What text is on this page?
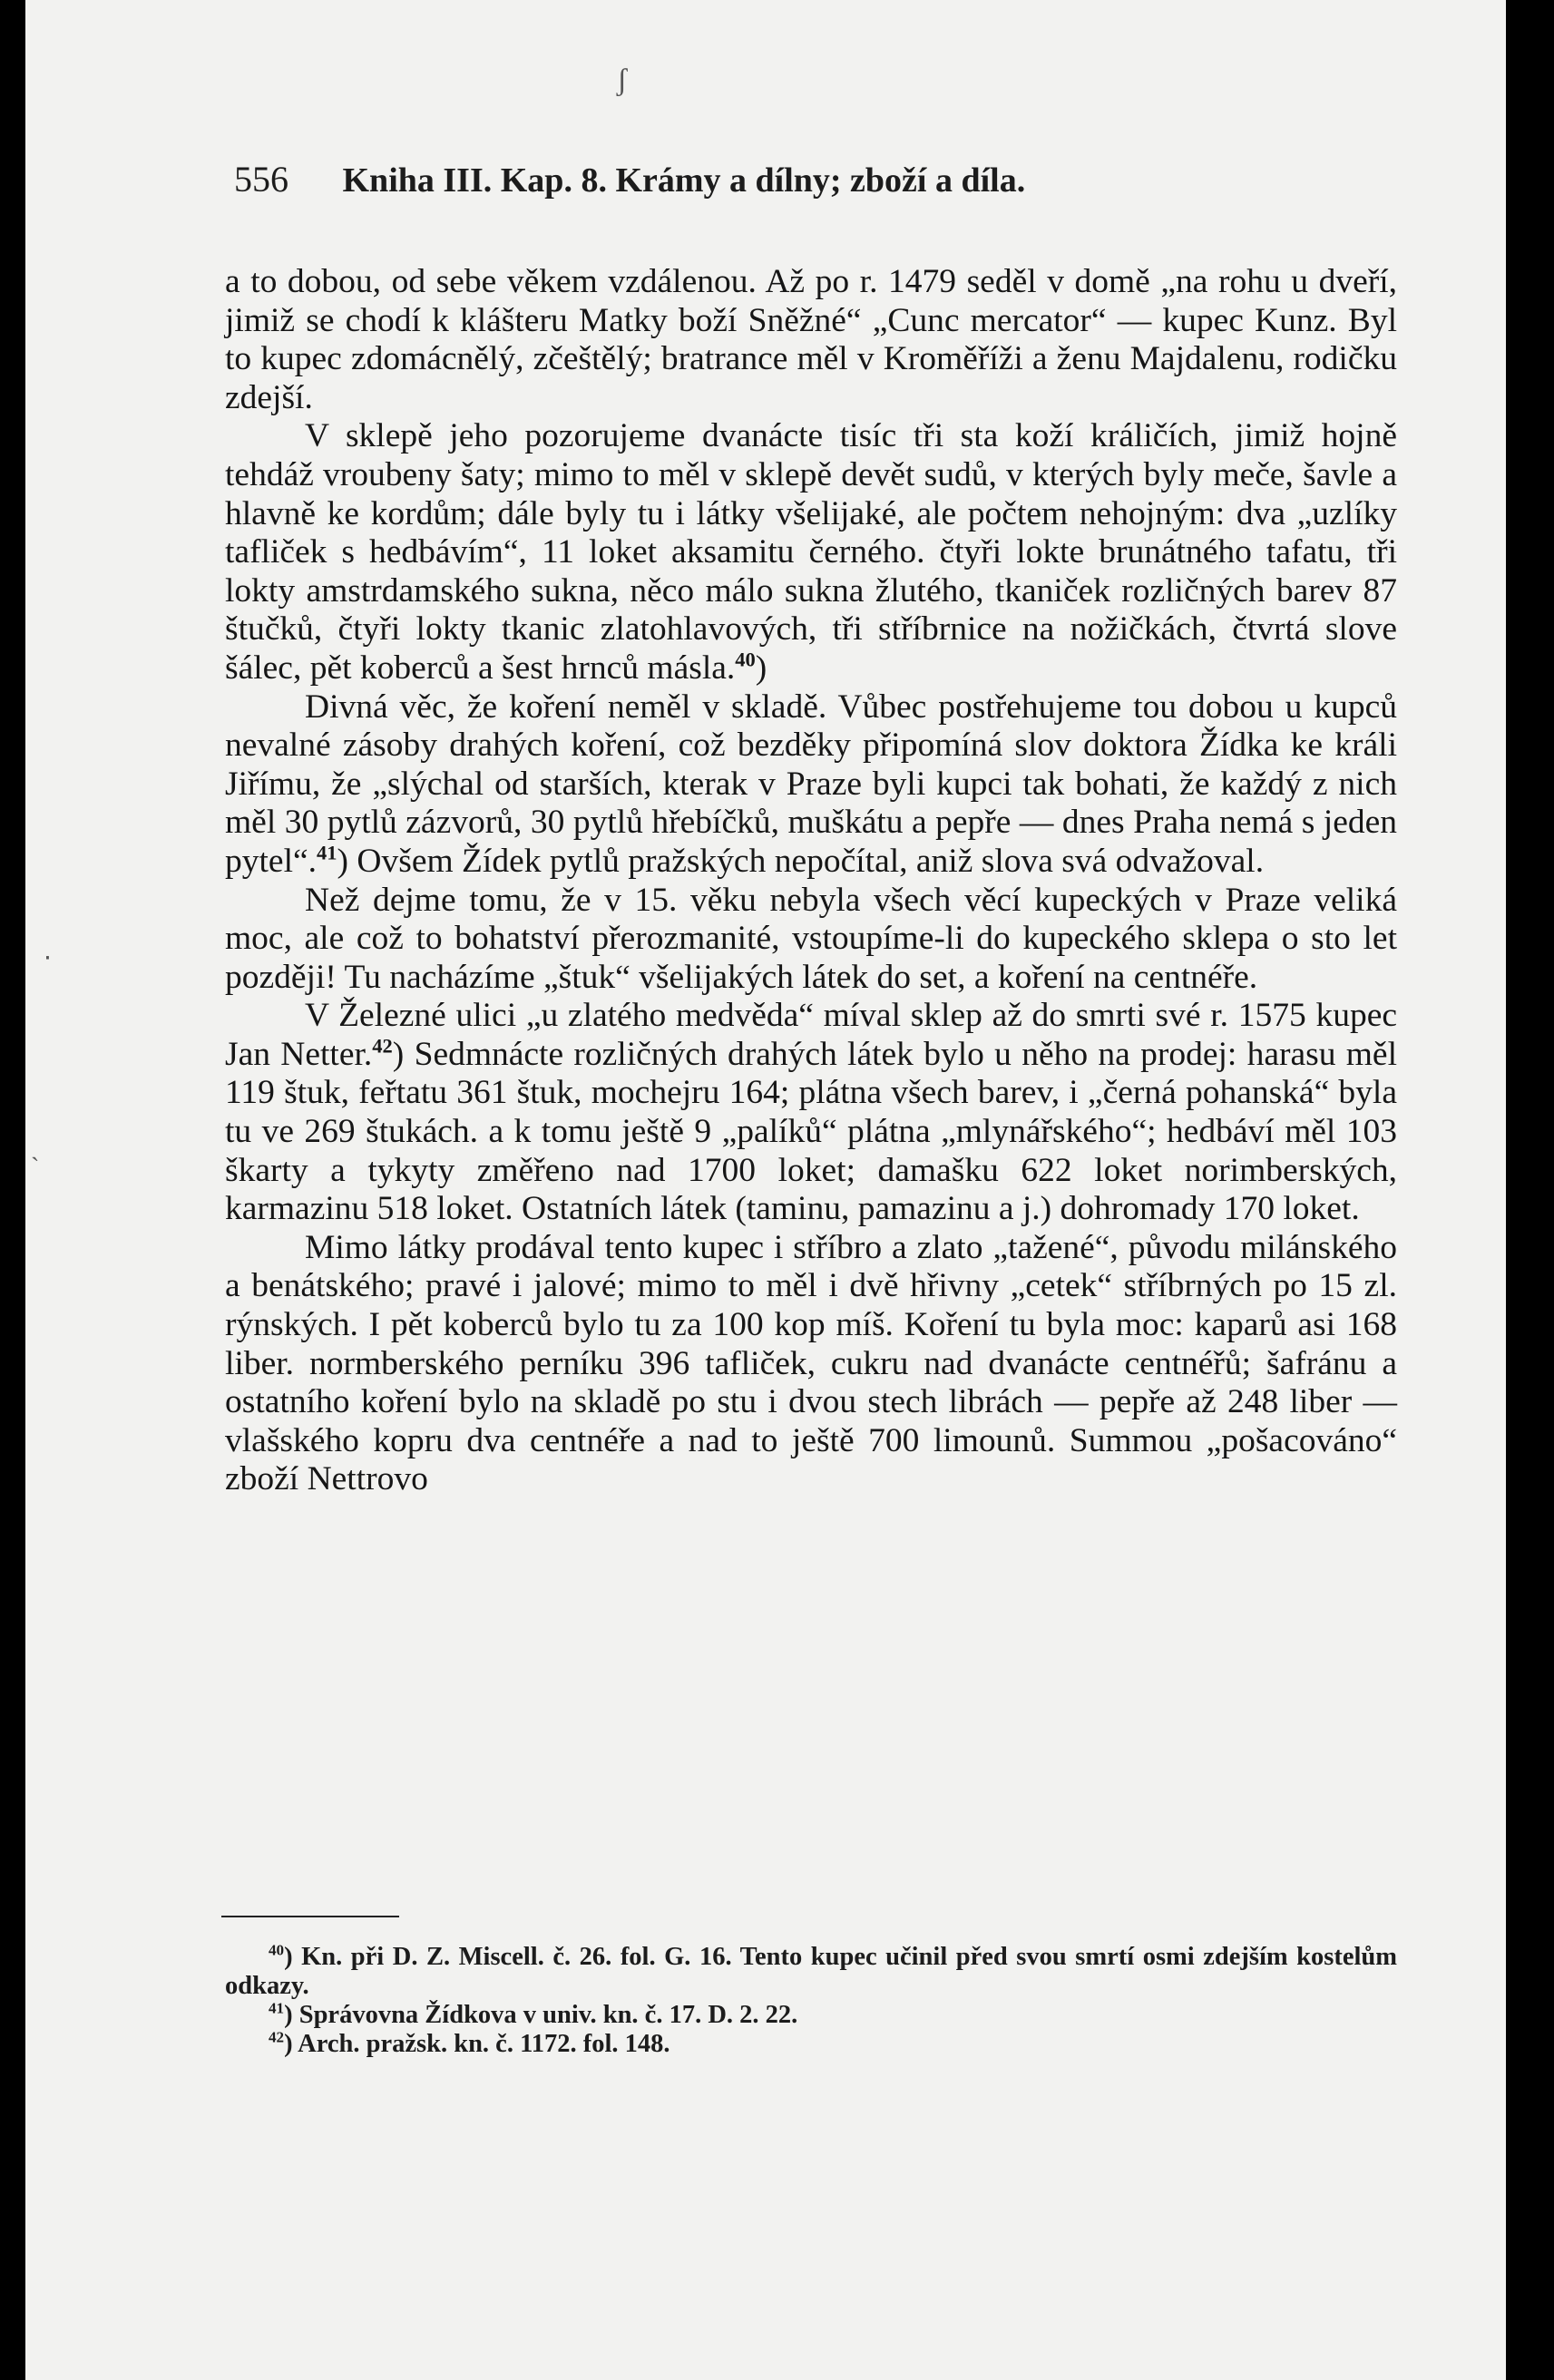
ʃ
‧
ˎ
556 Kniha III. Kap. 8. Krámy a dílny; zboží a díla.

a to dobou, od sebe věkem vzdálenou. Až po r. 1479 seděl v domě „na rohu u dveří, jimiž se chodí k klášteru Matky boží Sněžné“ „Cunc mercator“ — kupec Kunz. Byl to kupec zdomácnělý, zčeštělý; bratrance měl v Kroměříži a ženu Majdalenu, rodičku zdejší.

V sklepě jeho pozorujeme dvanácte tisíc tři sta koží králičích, jimiž hojně tehdáž vroubeny šaty; mimo to měl v sklepě devět sudů, v kterých byly meče, šavle a hlavně ke kordům; dále byly tu i látky všelijaké, ale počtem nehojným: dva „uzlíky tafliček s hedbávím“, 11 loket aksamitu černého. čtyři lokte brunátného tafatu, tři lokty amstrdamského sukna, něco málo sukna žlutého, tkaniček rozličných barev 87 štučků, čtyři lokty tkanic zlatohlavových, tři stříbrnice na nožičkách, čtvrtá slove šálec, pět koberců a šest hrnců másla.$^{40}$)

Divná věc, že koření neměl v skladě. Vůbec postřehujeme tou dobou u kupců nevalné zásoby drahých koření, což bezděky připomíná slov doktora Žídka ke králi Jiřímu, že „slýchal od starších, kterak v Praze byli kupci tak bohati, že každý z nich měl 30 pytlů zázvorů, 30 pytlů hřebíčků, muškátu a pepře — dnes Praha nemá s jeden pytel“.$^{41}$) Ovšem Žídek pytlů pražských nepočítal, aniž slova svá odvažoval.

Než dejme tomu, že v 15. věku nebyla všech věcí kupeckých v Praze veliká moc, ale což to bohatství přerozmanité, vstoupíme-li do kupeckého sklepa o sto let později! Tu nacházíme „štuk“ všelijakých látek do set, a koření na centnéře.

V Železné ulici „u zlatého medvěda“ míval sklep až do smrti své r. 1575 kupec Jan Netter.$^{42}$) Sedmnácte rozličných drahých látek bylo u něho na prodej: harasu měl 119 štuk, feřtatu 361 štuk, mochejru 164; plátna všech barev, i „černá pohanská“ byla tu ve 269 štukách. a k tomu ještě 9 „palíků“ plátna „mlynářského“; hedbáví měl 103 škarty a tykyty změřeno nad 1700 loket; damašku 622 loket norimberských, karmazinu 518 loket. Ostatních látek (taminu, pamazinu a j.) dohromady 170 loket.

Mimo látky prodával tento kupec i stříbro a zlato „tažené“, původu milánského a benátského; pravé i jalové; mimo to měl i dvě hřivny „cetek“ stříbrných po 15 zl. rýnských. I pět koberců bylo tu za 100 kop míš. Koření tu byla moc: kaparů asi 168 liber. normberského perníku 396 tafliček, cukru nad dvanácte centnéřů; šafránu a ostatního koření bylo na skladě po stu i dvou stech librách — pepře až 248 liber — vlašského kopru dva centnéře a nad to ještě 700 limounů. Summou „pošacováno“ zboží Nettrovo

$^{40}$) Kn. při D. Z. Miscell. č. 26. fol. G. 16. Tento kupec učinil před svou smrtí osmi zdejším kostelům odkazy.

$^{41}$) Správovna Žídkova v univ. kn. č. 17. D. 2. 22.

$^{42}$) Arch. pražsk. kn. č. 1172. fol. 148.
